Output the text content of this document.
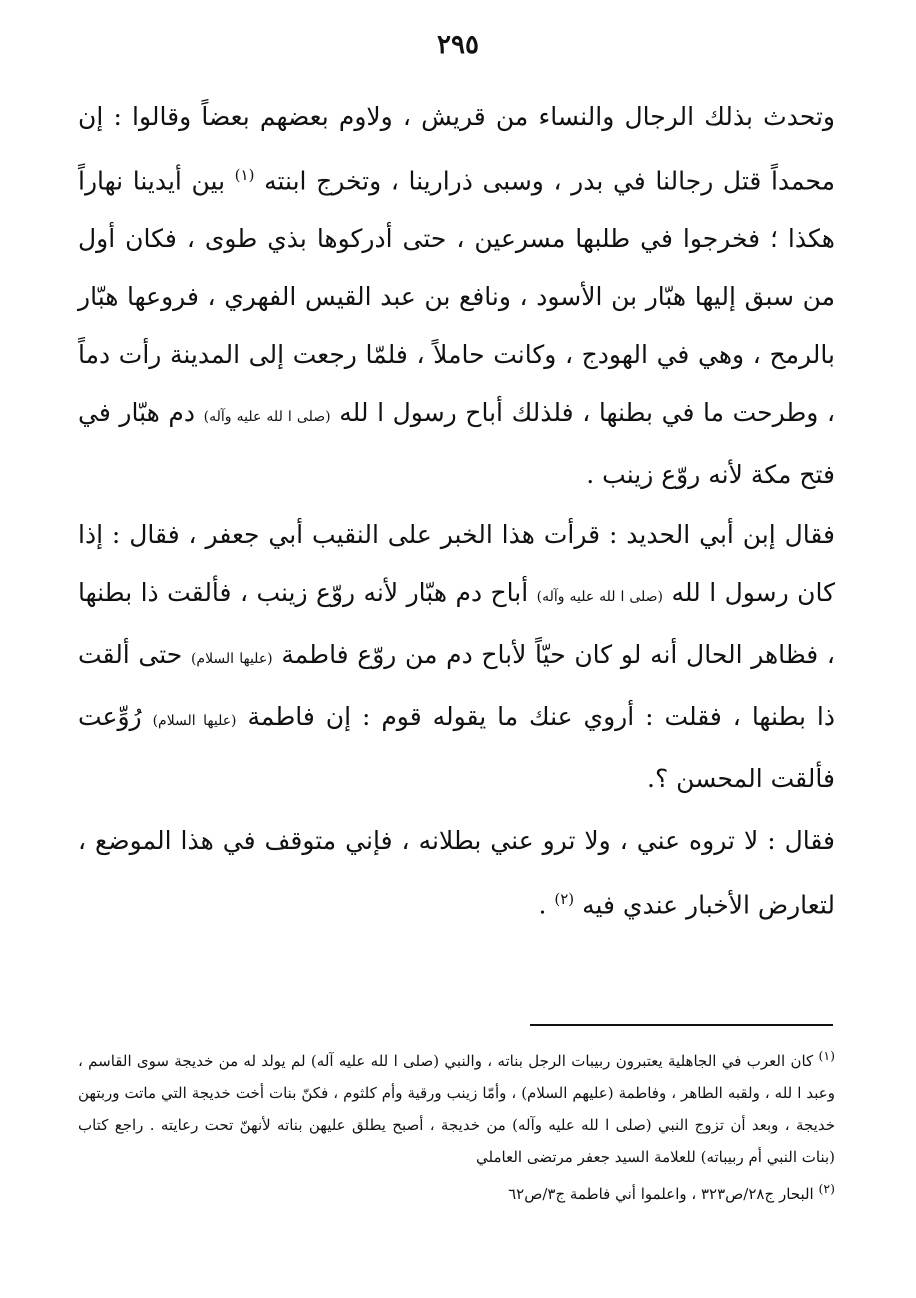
٢٩٥

وتحدث بذلك الرجال والنساء من قريش ، ولاوم بعضهم بعضاً وقالوا : إن محمداً قتل رجالنا في بدر ، وسبى ذرارينا ، وتخرج ابنته $^{(١)}$ بين أيدينا نهاراً هكذا ؛ فخرجوا في طلبها مسرعين ، حتى أدركوها بذي طوى ، فكان أول من سبق إليها هبّار بن الأسود ، ونافع بن عبد القيس الفهري ، فروعها هبّار بالرمح ، وهي في الهودج ، وكانت حاملاً ، فلمّا رجعت إلى المدينة رأت دماً ، وطرحت ما في بطنها ، فلذلك أباح رسول ا لله (صلى ا لله عليه وآله) دم هبّار في فتح مكة لأنه روّع زينب .

فقال إبن أبي الحديد : قرأت هذا الخبر على النقيب أبي جعفر ، فقال : إذا كان رسول ا لله (صلى ا لله عليه وآله) أباح دم هبّار لأنه روّع زينب ، فألقت ذا بطنها ، فظاهر الحال أنه لو كان حيّاً لأباح دم من روّع فاطمة (عليها السلام) حتى ألقت ذا بطنها ، فقلت : أروي عنك ما يقوله قوم : إن فاطمة (عليها السلام) رُوِّعت فألقت المحسن ؟.

فقال : لا تروه عني ، ولا ترو عني بطلانه ، فإني متوقف في هذا الموضع ، لتعارض الأخبار عندي فيه $^{(٢)}$ .

$^{(١)}$ كان العرب في الجاهلية يعتبرون ربيبات الرجل بناته ، والنبي (صلى ا لله عليه آله) لم يولد له من خديجة سوى القاسم ، وعبد ا لله ، ولقبه الطاهر ، وفاطمة (عليهم السلام) ، وأمّا زينب ورقية وأم كلثوم ، فكنّ بنات أخت خديجة التي ماتت وربتهن خديجة ، وبعد أن تزوج النبي (صلى ا لله عليه وآله) من خديجة ، أصبح يطلق عليهن بناته لأنهنّ تحت رعايته . راجع كتاب (بنات النبي أم ربيباته) للعلامة السيد جعفر مرتضى العاملي

$^{(٢)}$ البحار ج٢٨/ص٣٢٣ ، واعلموا أني فاطمة ج٣/ص٦٢
